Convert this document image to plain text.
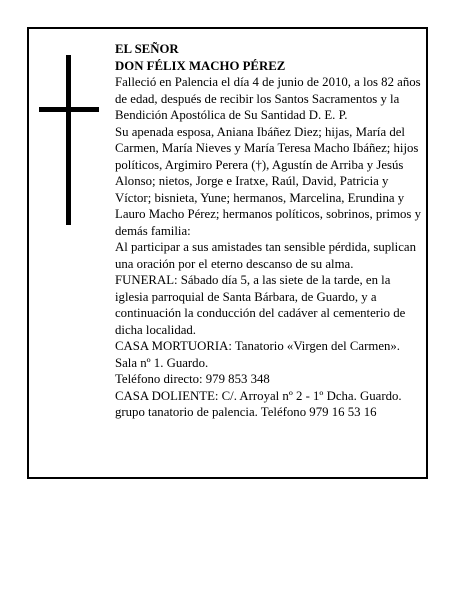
EL SEÑOR

DON FÉLIX MACHO PÉREZ

Falleció en Palencia el día 4 de junio de 2010, a los 82 años de edad, después de recibir los Santos Sacramentos y la Bendición Apostólica de Su Santidad D. E. P.

Su apenada esposa, Aniana Ibáñez Diez; hijas, María del Carmen, María Nieves y María Teresa Macho Ibáñez; hijos políticos, Argimiro Perera (†), Agustín de Arriba y Jesús Alonso; nietos, Jorge e Iratxe, Raúl, David, Patricia y Víctor; bisnieta, Yune; hermanos, Marcelina, Erundina y Lauro Macho Pérez; hermanos políticos, sobrinos, primos y demás familia:

Al participar a sus amistades tan sensible pérdida, suplican una oración por el eterno descanso de su alma.

FUNERAL: Sábado día 5, a las siete de la tarde, en la iglesia parroquial de Santa Bárbara, de Guardo, y a continuación la conducción del cadáver al cementerio de dicha localidad.

CASA MORTUORIA: Tanatorio «Virgen del Carmen». Sala nº 1. Guardo.

Teléfono directo: 979 853 348

CASA DOLIENTE: C/. Arroyal nº 2 - 1º Dcha. Guardo.

grupo tanatorio de palencia. Teléfono 979 16 53 16
